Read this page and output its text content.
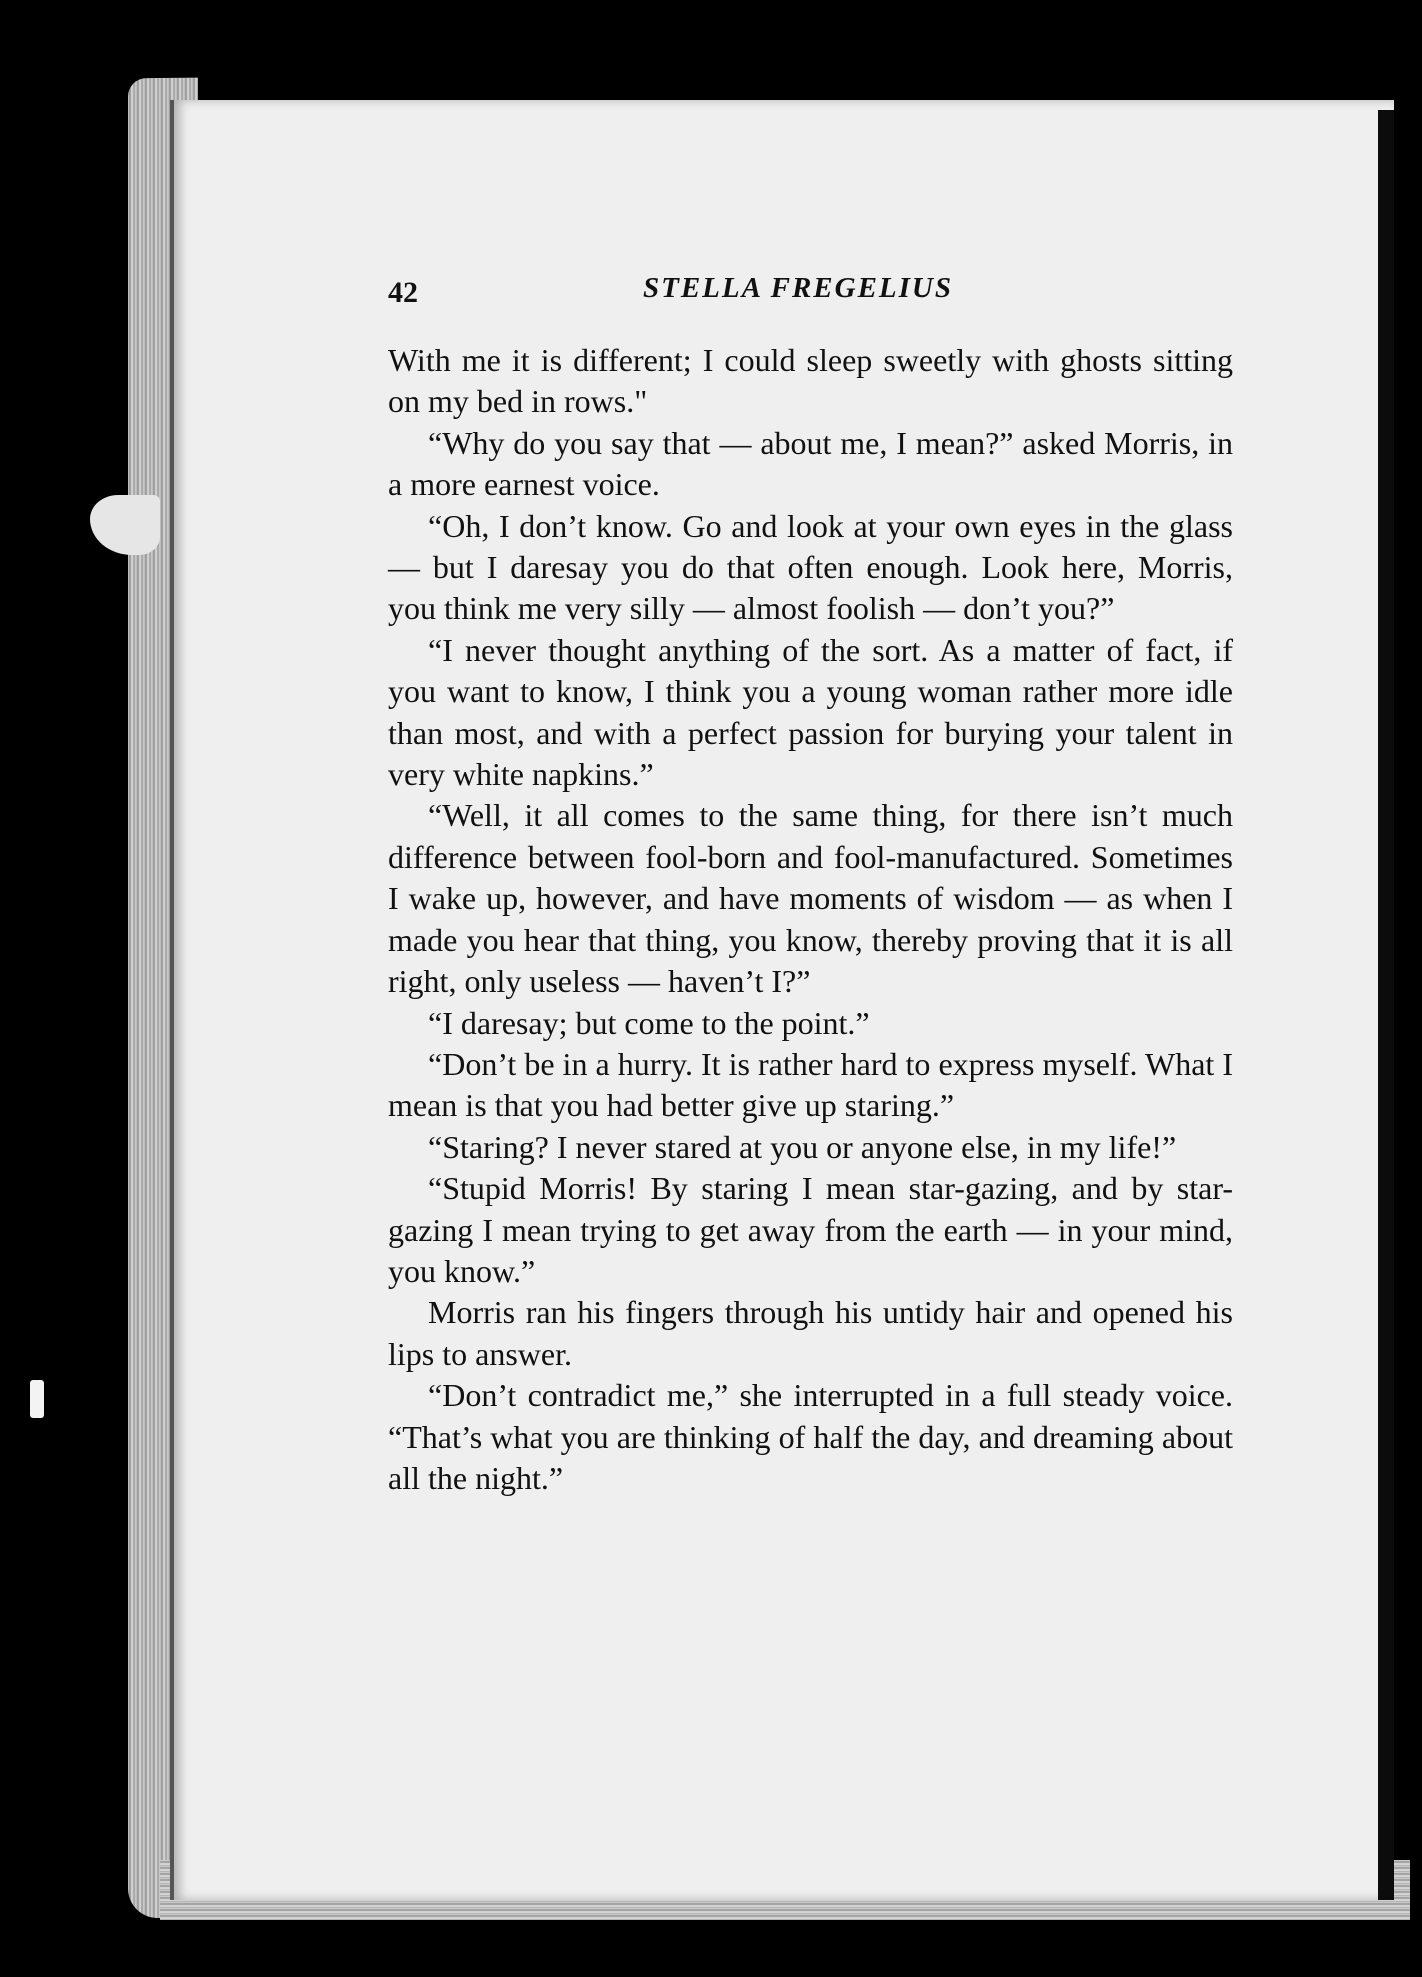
42	STELLA FREGELIUS

With me it is different; I could sleep sweetly with ghosts sitting on my bed in rows."

“Why do you say that — about me, I mean?” asked Morris, in a more earnest voice.

“Oh, I don’t know. Go and look at your own eyes in the glass — but I daresay you do that often enough. Look here, Morris, you think me very silly — almost foolish — don’t you?”

“I never thought anything of the sort. As a matter of fact, if you want to know, I think you a young woman rather more idle than most, and with a perfect passion for burying your talent in very white napkins.”

“Well, it all comes to the same thing, for there isn’t much difference between fool-born and fool-manufactured. Sometimes I wake up, however, and have moments of wisdom — as when I made you hear that thing, you know, thereby proving that it is all right, only useless — haven’t I?”

“I daresay; but come to the point.”

“Don’t be in a hurry. It is rather hard to express myself. What I mean is that you had better give up staring.”

“Staring? I never stared at you or anyone else, in my life!”

“Stupid Morris! By staring I mean star-gazing, and by star-gazing I mean trying to get away from the earth — in your mind, you know.”

Morris ran his fingers through his untidy hair and opened his lips to answer.

“Don’t contradict me,” she interrupted in a full steady voice. “That’s what you are thinking of half the day, and dreaming about all the night.”
